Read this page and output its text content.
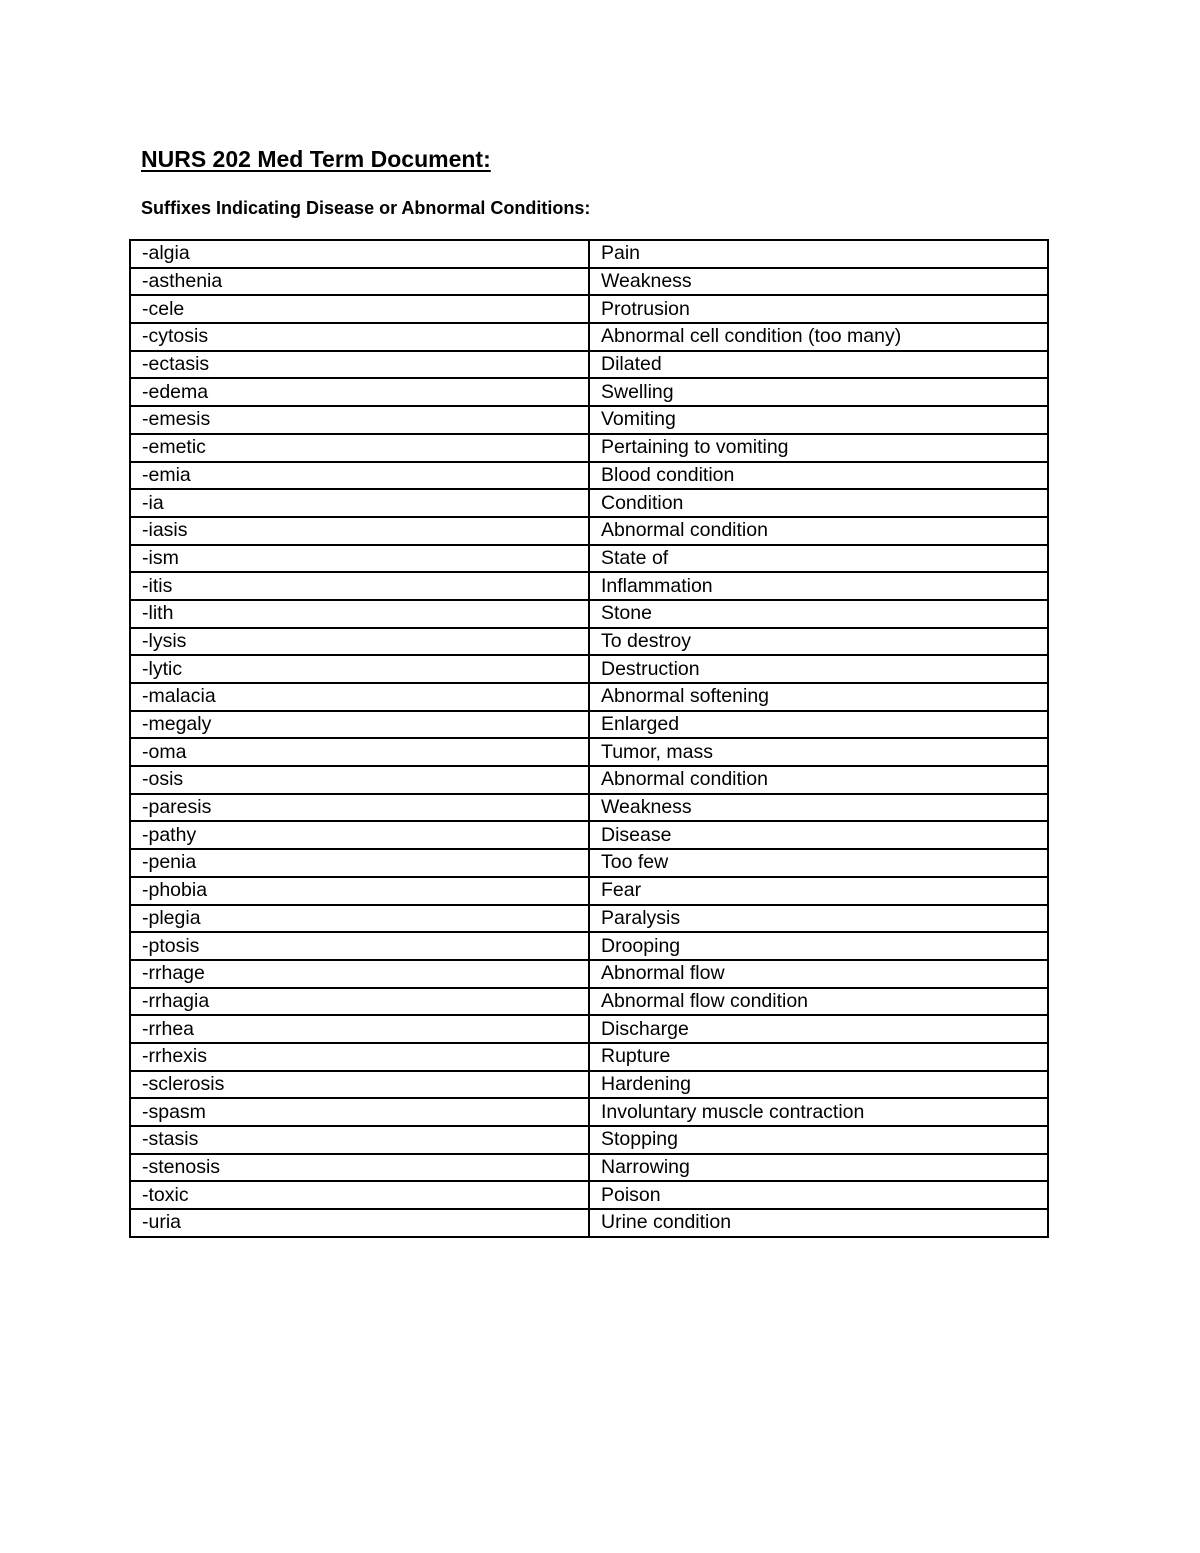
NURS 202 Med Term Document:
Suffixes Indicating Disease or Abnormal Conditions:
-algia	Pain
-asthenia	Weakness
-cele	Protrusion
-cytosis	Abnormal cell condition (too many)
-ectasis	Dilated
-edema	Swelling
-emesis	Vomiting
-emetic	Pertaining to vomiting
-emia	Blood condition
-ia	Condition
-iasis	Abnormal condition
-ism	State of
-itis	Inflammation
-lith	Stone
-lysis	To destroy
-lytic	Destruction
-malacia	Abnormal softening
-megaly	Enlarged
-oma	Tumor, mass
-osis	Abnormal condition
-paresis	Weakness
-pathy	Disease
-penia	Too few
-phobia	Fear
-plegia	Paralysis
-ptosis	Drooping
-rrhage	Abnormal flow
-rrhagia	Abnormal flow condition
-rrhea	Discharge
-rrhexis	Rupture
-sclerosis	Hardening
-spasm	Involuntary muscle contraction
-stasis	Stopping
-stenosis	Narrowing
-toxic	Poison
-uria	Urine condition
